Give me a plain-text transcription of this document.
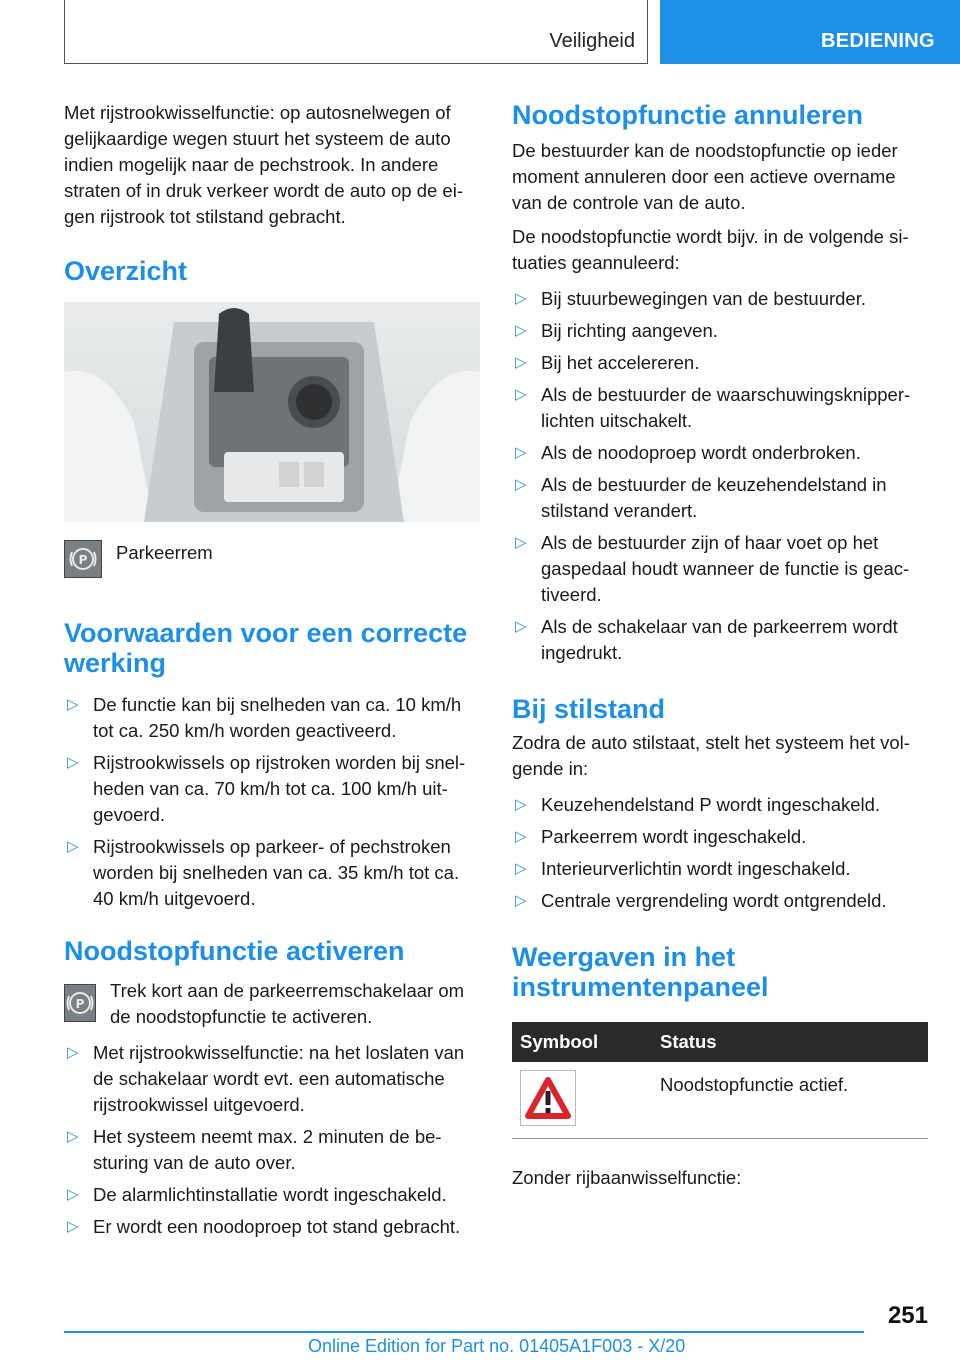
Veiligheid	BEDIENING

Met rijstrookwisselfunctie: op autosnelwegen of gelijkaardige wegen stuurt het systeem de auto indien mogelijk naar de pechstrook. In andere straten of in druk verkeer wordt de auto op de ei-gen rijstrook tot stilstand gebracht.

Overzicht
P Parkeerrem
Voorwaarden voor een correcte werking
▷ De functie kan bij snelheden van ca. 10 km/h tot ca. 250 km/h worden geactiveerd.
▷ Rijstrookwissels op rijstroken worden bij snel-heden van ca. 70 km/h tot ca. 100 km/h uit-gevoerd.
▷ Rijstrookwissels op parkeer- of pechstroken worden bij snelheden van ca. 35 km/h tot ca. 40 km/h uitgevoerd.
Noodstopfunctie activeren
P
Trek kort aan de parkeerremschakelaar om de noodstopfunctie te activeren.
▷ Met rijstrookwisselfunctie: na het loslaten van de schakelaar wordt evt. een automatische rijstrookwissel uitgevoerd.
▷ Het systeem neemt max. 2 minuten de be-sturing van de auto over.
▷ De alarmlichtinstallatie wordt ingeschakeld.
▷ Er wordt een noodoproep tot stand gebracht.
Noodstopfunctie annuleren

De bestuurder kan de noodstopfunctie op ieder moment annuleren door een actieve overname van de controle van de auto.

De noodstopfunctie wordt bijv. in de volgende si-tuaties geannuleerd:

▷ Bij stuurbewegingen van de bestuurder.
▷ Bij richting aangeven.
▷ Bij het accelereren.
▷ Als de bestuurder de waarschuwingsknipper-lichten uitschakelt.
▷ Als de noodoproep wordt onderbroken.
▷ Als de bestuurder de keuzehendelstand in stilstand verandert.
▷ Als de bestuurder zijn of haar voet op het gaspedaal houdt wanneer de functie is geac-tiveerd.
▷ Als de schakelaar van de parkeerrem wordt ingedrukt.
Bij stilstand

Zodra de auto stilstaat, stelt het systeem het vol-gende in:

▷ Keuzehendelstand P wordt ingeschakeld.
▷ Parkeerrem wordt ingeschakeld.
▷ Interieurverlichtin wordt ingeschakeld.
▷ Centrale vergrendeling wordt ontgrendeld.
Weergaven in het instrumentenpaneel
Symbool	Status

	Noodstopfunctie actief.

Zonder rijbaanwisselfunctie:

251
Online Edition for Part no. 01405A1F003 - X/20
